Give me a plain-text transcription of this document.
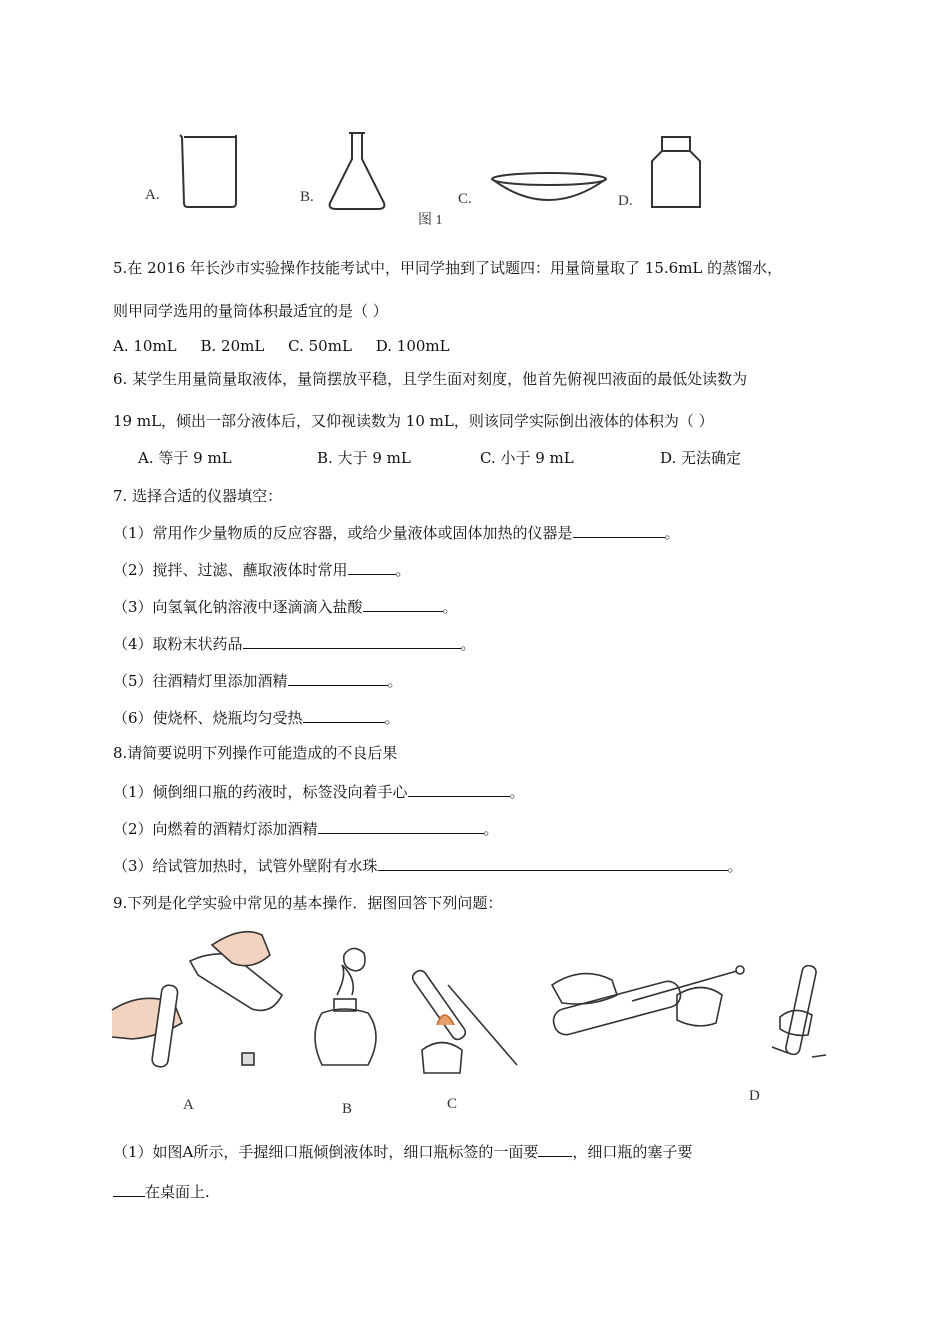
A.	B.	C.	D.
图 1
5.在 2016 年长沙市实验操作技能考试中，甲同学抽到了试题四：用量筒量取了 15.6mL 的蒸馏水，
则甲同学选用的量筒体积最适宜的是（ ）
A. 10mL     B. 20mL     C. 50mL     D. 100mL
6. 某学生用量筒量取液体，量筒摆放平稳，且学生面对刻度，他首先俯视凹液面的最低处读数为
19 mL，倾出一部分液体后，又仰视读数为 10 mL，则该同学实际倒出液体的体积为（ ）
A. 等于 9 mL	B. 大于 9 mL	C. 小于 9 mL	D. 无法确定
7. 选择合适的仪器填空：
（1）常用作少量物质的反应容器，或给少量液体或固体加热的仪器是	。
（2）搅拌、过滤、蘸取液体时常用	。
（3）向氢氧化钠溶液中逐滴滴入盐酸	。
（4）取粉末状药品	。
（5）往酒精灯里添加酒精	。
（6）使烧杯、烧瓶均匀受热	。
8.请简要说明下列操作可能造成的不良后果
（1）倾倒细口瓶的药液时，标签没向着手心	。
（2）向燃着的酒精灯添加酒精	。
（3）给试管加热时，试管外壁附有水珠	。
9.下列是化学实验中常见的基本操作．据图回答下列问题：
A	B	C	D
（1）如图A所示，手握细口瓶倾倒液体时，细口瓶标签的一面要 ，细口瓶的塞子要
在桌面上.
